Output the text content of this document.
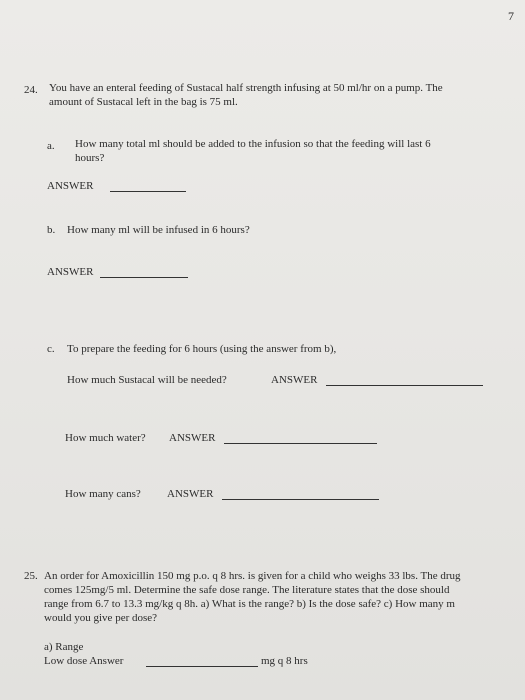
7
24. You have an enteral feeding of Sustacal half strength infusing at 50 ml/hr on a pump. The
amount of Sustacal left in the bag is 75 ml.
a. How many total ml should be added to the infusion so that the feeding will last 6
hours?
ANSWER
b. How many ml will be infused in 6 hours?
ANSWER
c. To prepare the feeding for 6 hours (using the answer from b),
How much Sustacal will be needed?	ANSWER
How much water? ANSWER
How many cans? ANSWER
25. An order for Amoxicillin 150 mg p.o. q 8 hrs. is given for a child who weighs 33 lbs. The drug
comes 125mg/5 ml. Determine the safe dose range. The literature states that the dose should
range from 6.7 to 13.3 mg/kg q 8h. a) What is the range? b) Is the dose safe? c) How many m
would you give per dose?
a) Range
Low dose Answer	mg q 8 hrs
